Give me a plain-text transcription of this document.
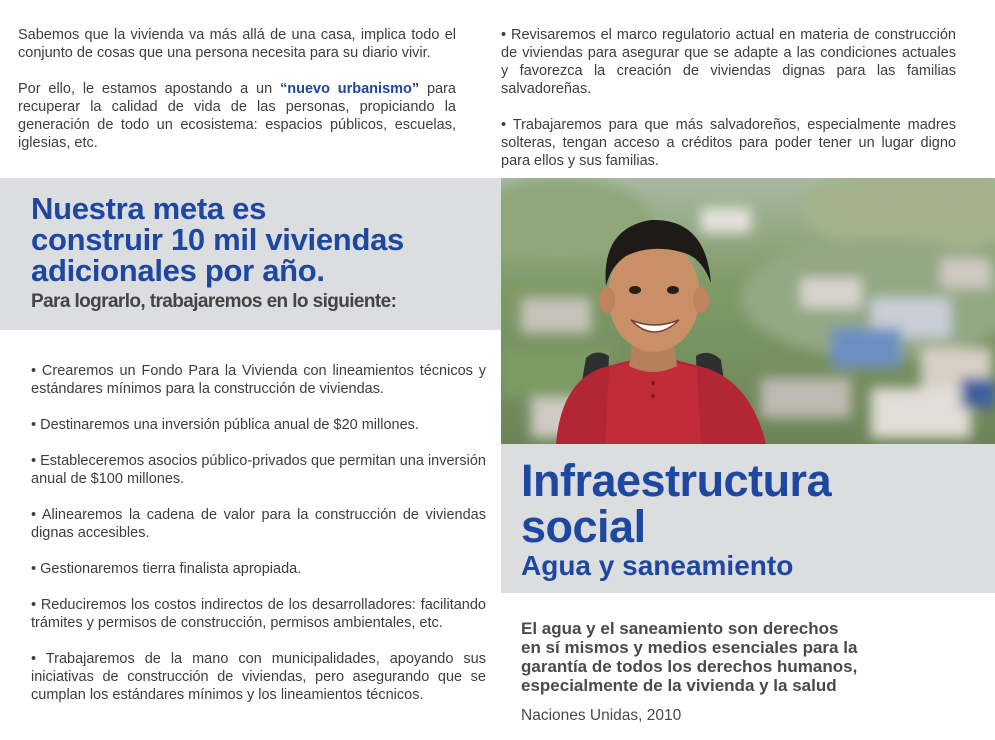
Sabemos que la vivienda va más allá de una casa, implica todo el conjunto de cosas que una persona necesita para su diario vivir.

Por ello, le estamos apostando a un “nuevo urbanismo” para recuperar la calidad de vida de las personas, propiciando la generación de todo un ecosistema: espacios públicos, escuelas, iglesias, etc.

• Revisaremos el marco regulatorio actual en materia de construcción de viviendas para asegurar que se adapte a las condiciones actuales y favorezca la creación de viviendas dignas para las familias salvadoreñas.

• Trabajaremos para que más salvadoreños, especialmente madres solteras, tengan acceso a créditos para poder tener un lugar digno para ellos y sus familias.

Nuestra meta es
construir 10 mil viviendas
adicionales por año.
Para lograrlo, trabajaremos en lo siguiente:

• Crearemos un Fondo Para la Vivienda con lineamientos técnicos y estándares mínimos para la construcción de viviendas.

• Destinaremos una inversión pública anual de $20 millones.

• Estableceremos asocios público-privados que permitan una inversión anual de $100 millones.

• Alinearemos la cadena de valor para la construcción de viviendas dignas accesibles.

• Gestionaremos tierra finalista apropiada.

• Reduciremos los costos indirectos de los desarrolladores: facilitando trámites y permisos de construcción, permisos ambientales, etc.

• Trabajaremos de la mano con municipalidades, apoyando sus iniciativas de construcción de viviendas, pero asegurando que se cumplan los estándares mínimos y los lineamientos técnicos.

Infraestructura
social
Agua y saneamiento
El agua y el saneamiento son derechos
en sí mismos y medios esenciales para la
garantía de todos los derechos humanos,
especialmente de la vivienda y la salud
Naciones Unidas, 2010
